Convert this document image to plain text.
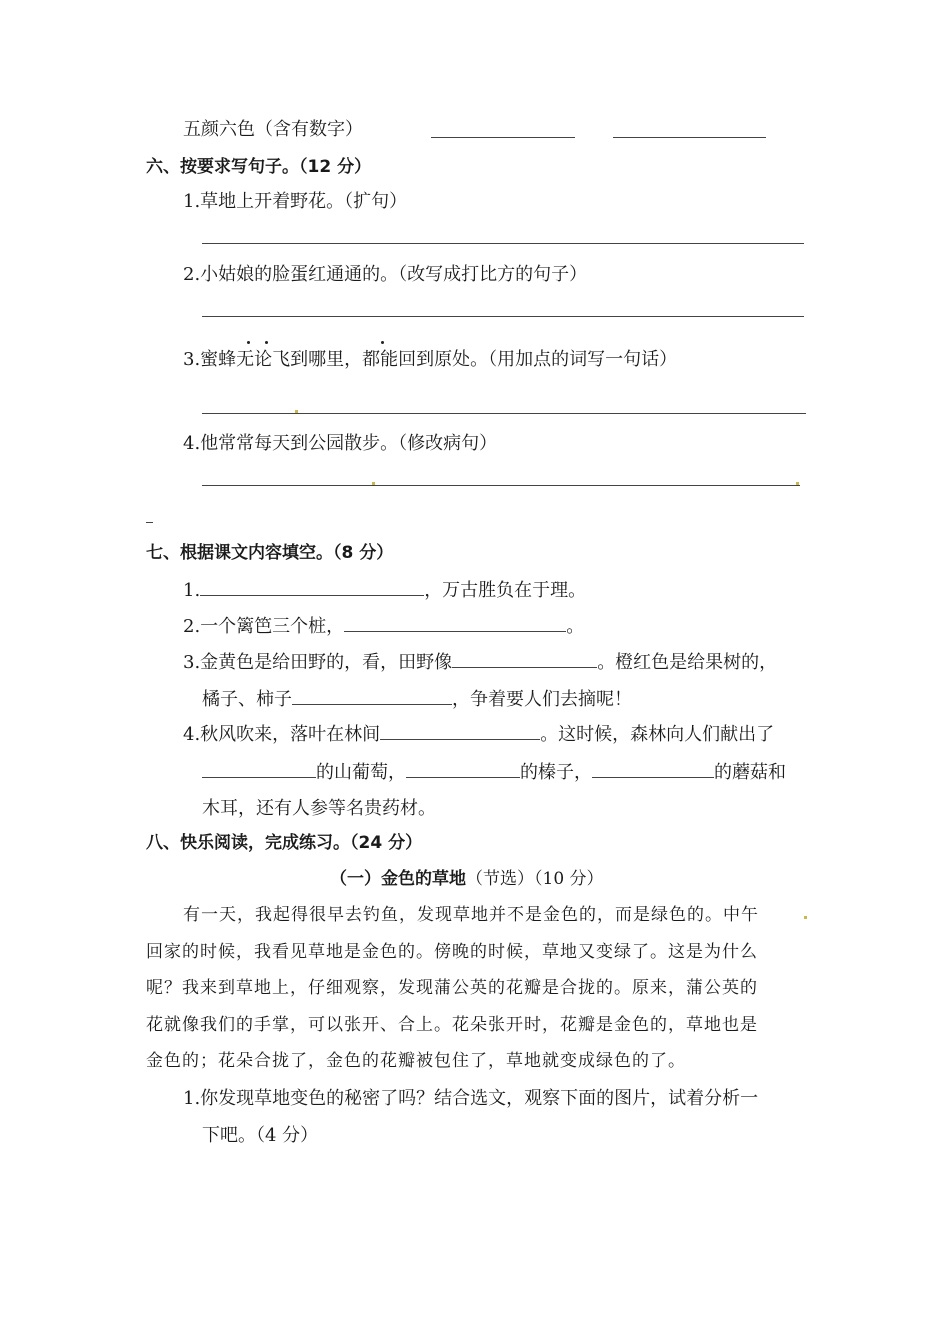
五颜六色（含有数字）
六、按要求写句子。（12 分）
1.草地上开着野花。（扩句）
2.小姑娘的脸蛋红通通的。（改写成打比方的句子）
3.蜜蜂无论飞到哪里，都能回到原处。（用加点的词写一句话）
4.他常常每天到公园散步。（修改病句）
七、根据课文内容填空。（8 分）
1.	，万古胜负在于理。
2.一个篱笆三个桩，	。
3.金黄色是给田野的，看，田野像	。橙红色是给果树的，
橘子、柿子	，争着要人们去摘呢！
4.秋风吹来，落叶在林间	。这时候，森林向人们献出了
的山葡萄，	的榛子，	的蘑菇和
木耳，还有人参等名贵药材。
八、快乐阅读，完成练习。（24 分）
（一）金色的草地（节选）（10 分）
有一天，我起得很早去钓鱼，发现草地并不是金色的，而是绿色的。中午
回家的时候，我看见草地是金色的。傍晚的时候，草地又变绿了。这是为什么
呢？我来到草地上，仔细观察，发现蒲公英的花瓣是合拢的。原来，蒲公英的
花就像我们的手掌，可以张开、合上。花朵张开时，花瓣是金色的，草地也是
金色的；花朵合拢了，金色的花瓣被包住了，草地就变成绿色的了。
1.你发现草地变色的秘密了吗？结合选文，观察下面的图片，试着分析一
下吧。（4 分）
